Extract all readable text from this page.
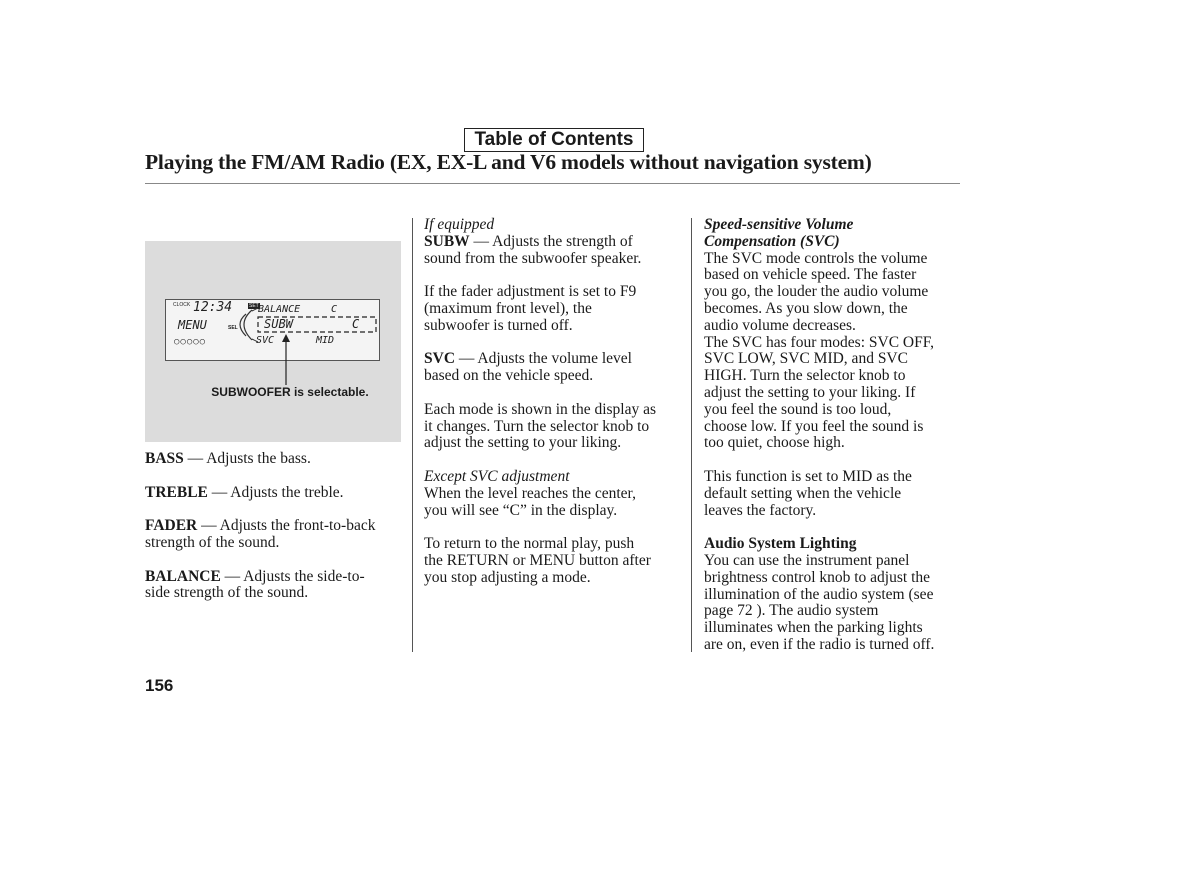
Table of Contents
Playing the FM/AM Radio (EX, EX-L and V6 models without navigation system)
CLOCK 12:34	SET
MENU	SEL
○○○○○
BALANCE	C
SUBW	C
SVC	MID
SUBWOOFER is selectable.

BASS — Adjusts the bass.

TREBLE — Adjusts the treble.

FADER — Adjusts the front-to-back

strength of the sound.

BALANCE — Adjusts the side-to-

side strength of the sound.

If equipped

SUBW — Adjusts the strength of

sound from the subwoofer speaker.

If the fader adjustment is set to F9

(maximum front level), the

subwoofer is turned off.

SVC — Adjusts the volume level

based on the vehicle speed.

Each mode is shown in the display as

it changes. Turn the selector knob to

adjust the setting to your liking.

Except SVC adjustment

When the level reaches the center,

you will see “C” in the display.

To return to the normal play, push

the RETURN or MENU button after

you stop adjusting a mode.

Speed-sensitive Volume

Compensation (SVC)

The SVC mode controls the volume

based on vehicle speed. The faster

you go, the louder the audio volume

becomes. As you slow down, the

audio volume decreases.

The SVC has four modes: SVC OFF,

SVC LOW, SVC MID, and SVC

HIGH. Turn the selector knob to

adjust the setting to your liking. If

you feel the sound is too loud,

choose low. If you feel the sound is

too quiet, choose high.

This function is set to MID as the

default setting when the vehicle

leaves the factory.

Audio System Lighting

You can use the instrument panel

brightness control knob to adjust the

illumination of the audio system (see

page 72 ). The audio system

illuminates when the parking lights

are on, even if the radio is turned off.

156
